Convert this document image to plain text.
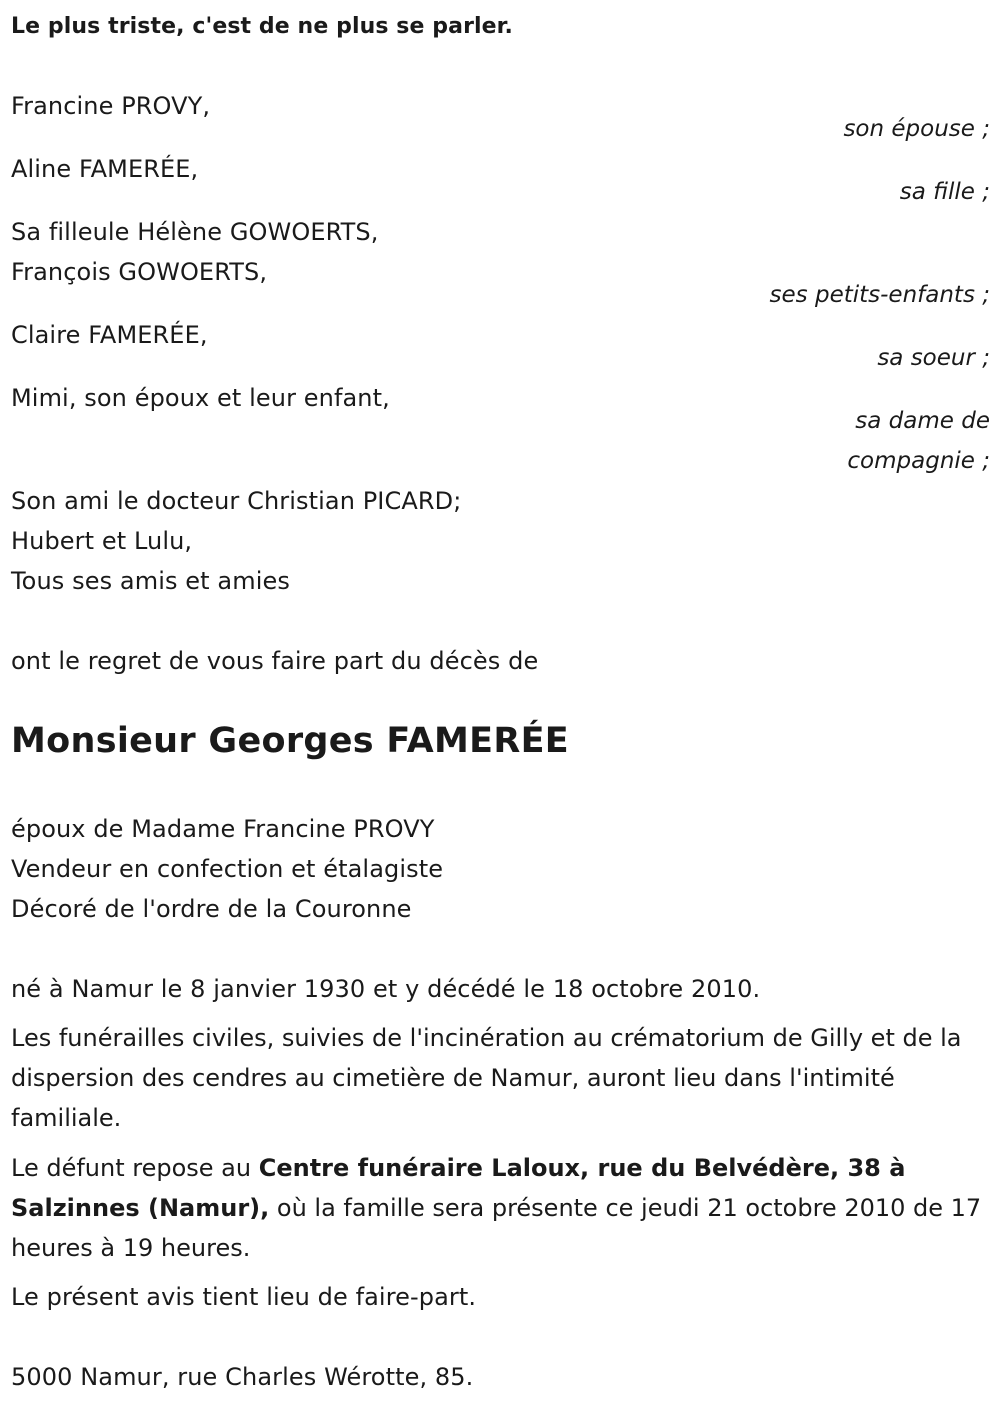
Le plus triste, c'est de ne plus se parler.
Francine PROVY,
son épouse ;
Aline FAMERÉE,
sa fille ;
Sa filleule Hélène GOWOERTS,
François GOWOERTS,
ses petits-enfants ;
Claire FAMERÉE,
sa soeur ;
Mimi, son époux et leur enfant,
sa dame de
compagnie ;
Son ami le docteur Christian PICARD;
Hubert et Lulu,
Tous ses amis et amies
ont le regret de vous faire part du décès de
Monsieur Georges FAMERÉE
époux de Madame Francine PROVY
Vendeur en confection et étalagiste
Décoré de l'ordre de la Couronne
né à Namur le 8 janvier 1930 et y décédé le 18 octobre 2010.
Les funérailles civiles, suivies de l'incinération au crématorium de Gilly et de la dispersion des cendres au cimetière de Namur, auront lieu dans l'intimité familiale.
Le défunt repose au Centre funéraire Laloux, rue du Belvédère, 38 à Salzinnes (Namur), où la famille sera présente ce jeudi 21 octobre 2010 de 17 heures à 19 heures.
Le présent avis tient lieu de faire-part.
5000 Namur, rue Charles Wérotte, 85.
